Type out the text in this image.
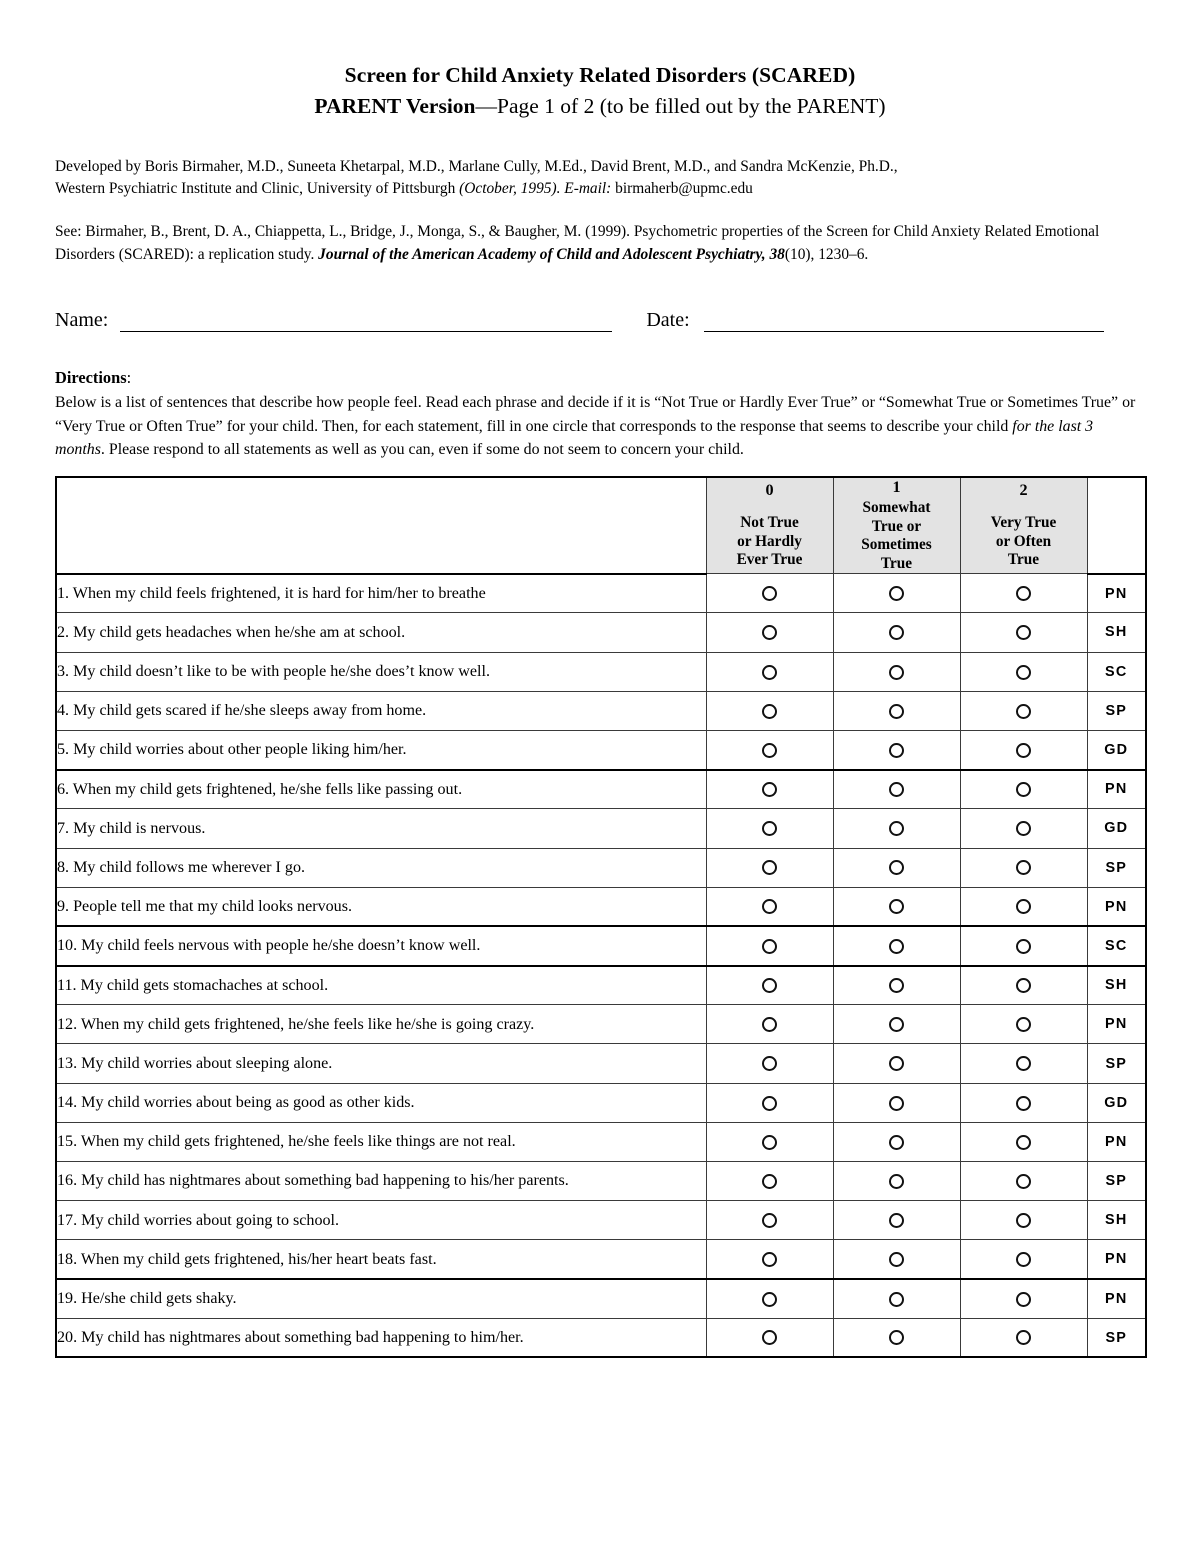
Screen for Child Anxiety Related Disorders (SCARED)
PARENT Version—Page 1 of 2 (to be filled out by the PARENT)
Developed by Boris Birmaher, M.D., Suneeta Khetarpal, M.D., Marlane Cully, M.Ed., David Brent, M.D., and Sandra McKenzie, Ph.D.,
Western Psychiatric Institute and Clinic, University of Pittsburgh (October, 1995). E-mail: birmaherb@upmc.edu
See: Birmaher, B., Brent, D. A., Chiappetta, L., Bridge, J., Monga, S., & Baugher, M. (1999). Psychometric properties of the Screen for Child Anxiety Related Emotional Disorders (SCARED): a replication study. Journal of the American Academy of Child and Adolescent Psychiatry, 38(10), 1230–6.
Name:	Date:
Directions:
Below is a list of sentences that describe how people feel. Read each phrase and decide if it is “Not True or Hardly Ever True” or “Somewhat True or Sometimes True” or “Very True or Often True” for your child. Then, for each statement, fill in one circle that corresponds to the response that seems to describe your child for the last 3 months. Please respond to all statements as well as you can, even if some do not seem to concern your child.

	0
Not True
or Hardly
Ever True	1
Somewhat
True or
Sometimes
True	2
Very True
or Often
True	

1. When my child feels frightened, it is hard for him/her to breathe				PN
2. My child gets headaches when he/she am at school.				SH
3. My child doesn’t like to be with people he/she does’t know well.				SC
4. My child gets scared if he/she sleeps away from home.				SP
5. My child worries about other people liking him/her.				GD
6. When my child gets frightened, he/she fells like passing out.				PN
7. My child is nervous.				GD
8. My child follows me wherever I go.				SP
9. People tell me that my child looks nervous.				PN
10. My child feels nervous with people he/she doesn’t know well.				SC
11. My child gets stomachaches at school.				SH
12. When my child gets frightened, he/she feels like he/she is going crazy.				PN
13. My child worries about sleeping alone.				SP
14. My child worries about being as good as other kids.				GD
15. When my child gets frightened, he/she feels like things are not real.				PN
16. My child has nightmares about something bad happening to his/her parents.				SP
17. My child worries about going to school.				SH
18. When my child gets frightened, his/her heart beats fast.				PN
19. He/she child gets shaky.				PN
20. My child has nightmares about something bad happening to him/her.				SP
